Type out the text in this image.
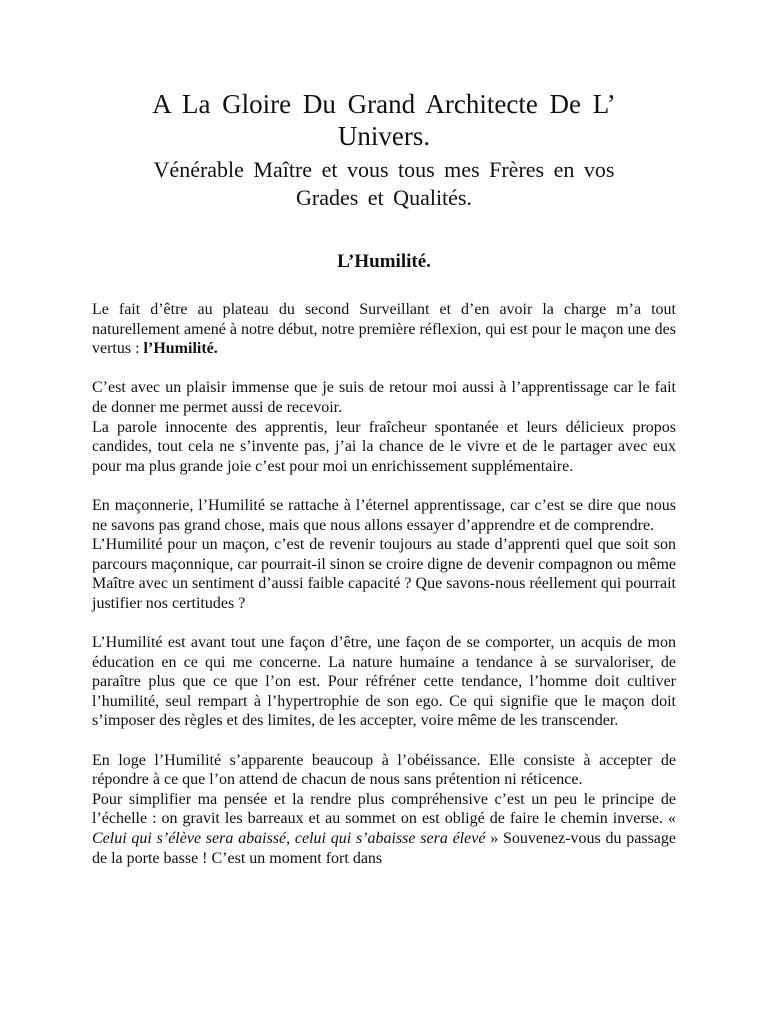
A La Gloire Du Grand Architecte De L’
Univers.
Vénérable Maître et vous tous mes Frères en vos
Grades et Qualités.
L’Humilité.

Le fait d’être au plateau du second Surveillant et d’en avoir la charge m’a tout naturellement amené à notre début, notre première réflexion, qui est pour le maçon une des vertus : l’Humilité.

C’est avec un plaisir immense que je suis de retour moi aussi à l’apprentissage car le fait de donner me permet aussi de recevoir.

La parole innocente des apprentis, leur fraîcheur spontanée et leurs délicieux propos candides, tout cela ne s’invente pas, j’ai la chance de le vivre et de le partager avec eux pour ma plus grande joie c’est pour moi un enrichissement supplémentaire.

En maçonnerie, l’Humilité se rattache à l’éternel apprentissage, car c’est se dire que nous ne savons pas grand chose, mais que nous allons essayer d’apprendre et de comprendre.

L’Humilité pour un maçon, c’est de revenir toujours au stade d’apprenti quel que soit son parcours maçonnique, car pourrait-il sinon se croire digne de devenir compagnon ou même Maître avec un sentiment d’aussi faible capacité ? Que savons-nous réellement qui pourrait justifier nos certitudes ?

L’Humilité est avant tout une façon d’être, une façon de se comporter, un acquis de mon éducation en ce qui me concerne. La nature humaine a tendance à se survaloriser, de paraître plus que ce que l’on est. Pour réfréner cette tendance, l’homme doit cultiver l’humilité, seul rempart à l’hypertrophie de son ego. Ce qui signifie que le maçon doit s’imposer des règles et des limites, de les accepter, voire même de les transcender.

En loge l’Humilité s’apparente beaucoup à l’obéissance. Elle consiste à accepter de répondre à ce que l’on attend de chacun de nous sans prétention ni réticence.

Pour simplifier ma pensée et la rendre plus compréhensive c’est un peu le principe de l’échelle : on gravit les barreaux et au sommet on est obligé de faire le chemin inverse. « Celui qui s’élève sera abaissé, celui qui s’abaisse sera élevé » Souvenez-vous du passage de la porte basse ! C’est un moment fort dans
